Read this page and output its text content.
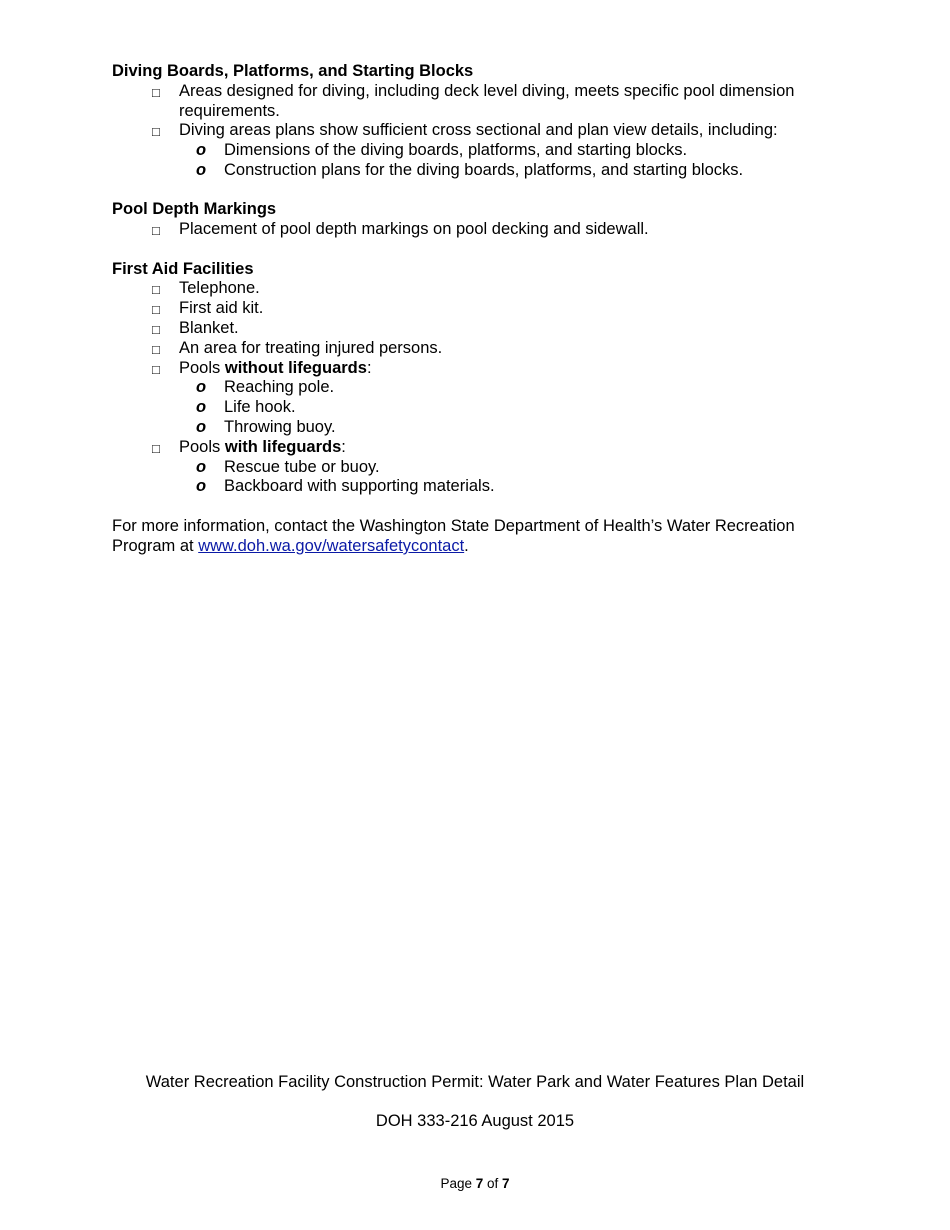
Diving Boards, Platforms, and Starting Blocks

□ Areas designed for diving, including deck level diving, meets specific pool dimension requirements.
□ Diving areas plans show sufficient cross sectional and plan view details, including:
o Dimensions of the diving boards, platforms, and starting blocks.
o Construction plans for the diving boards, platforms, and starting blocks.

Pool Depth Markings

□ Placement of pool depth markings on pool decking and sidewall.

First Aid Facilities

□ Telephone.
□ First aid kit.
□ Blanket.
□ An area for treating injured persons.
□ Pools without lifeguards:
o Reaching pole.
o Life hook.
o Throwing buoy.
□ Pools with lifeguards:
o Rescue tube or buoy.
o Backboard with supporting materials.

For more information, contact the Washington State Department of Health’s Water Recreation Program at www.doh.wa.gov/watersafetycontact.

Water Recreation Facility Construction Permit: Water Park and Water Features Plan Detail
DOH 333-216 August 2015
Page 7 of 7
